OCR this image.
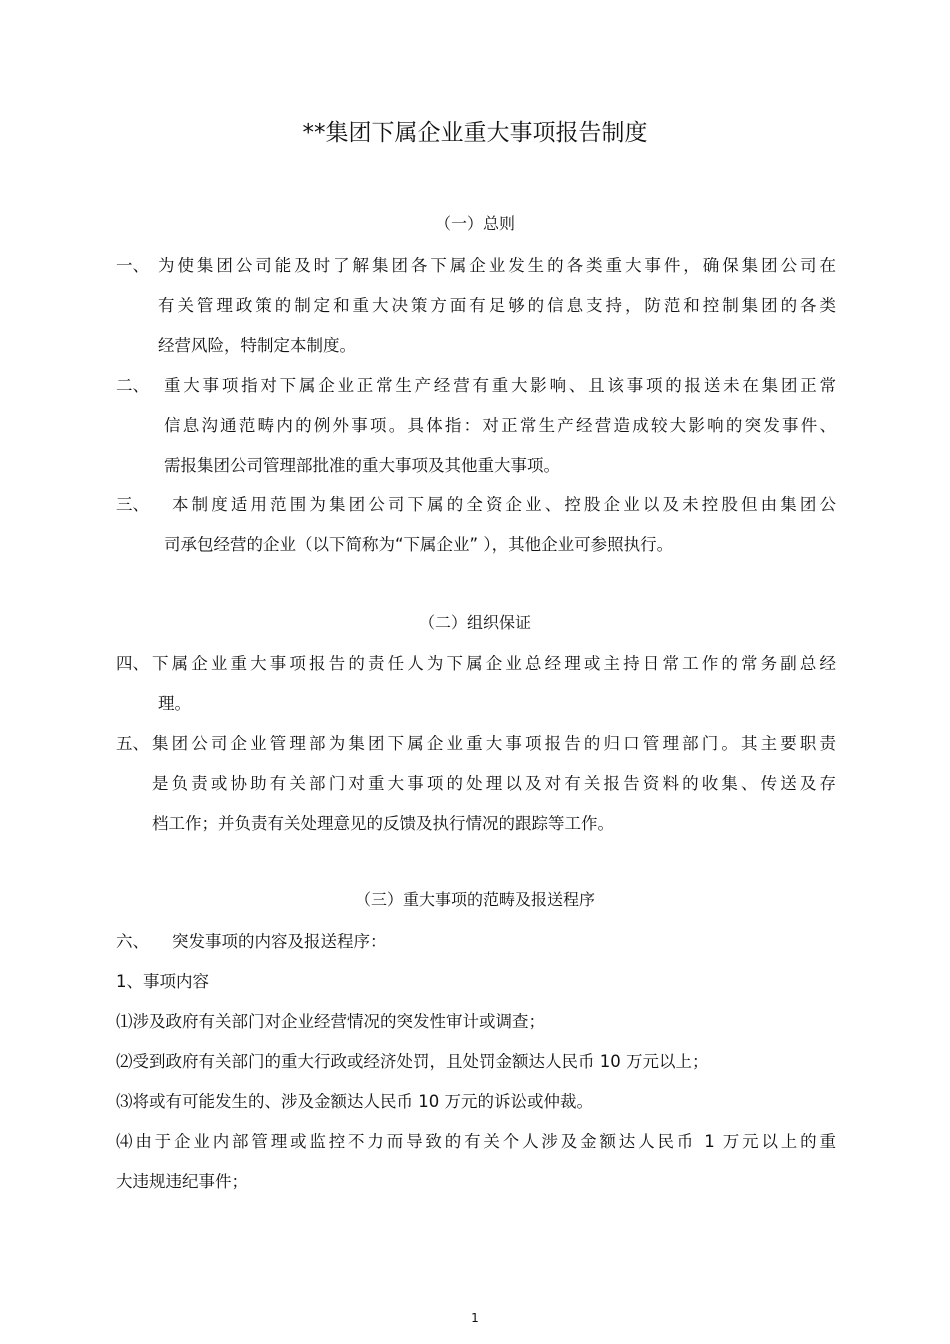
**集团下属企业重大事项报告制度
（一）总则
一、 为使集团公司能及时了解集团各下属企业发生的各类重大事件，确保集团公司在
有关管理政策的制定和重大决策方面有足够的信息支持，防范和控制集团的各类
经营风险，特制定本制度。
二、 重大事项指对下属企业正常生产经营有重大影响、且该事项的报送未在集团正常
信息沟通范畴内的例外事项。具体指：对正常生产经营造成较大影响的突发事件、
需报集团公司管理部批准的重大事项及其他重大事项。
三、 本制度适用范围为集团公司下属的全资企业、控股企业以及未控股但由集团公
司承包经营的企业（以下简称为“下属企业” ），其他企业可参照执行。
（二）组织保证
四、 下属企业重大事项报告的责任人为下属企业总经理或主持日常工作的常务副总经
理。
五、 集团公司企业管理部为集团下属企业重大事项报告的归口管理部门。其主要职责
是负责或协助有关部门对重大事项的处理以及对有关报告资料的收集、传送及存
档工作；并负责有关处理意见的反馈及执行情况的跟踪等工作。
（三）重大事项的范畴及报送程序
六、 突发事项的内容及报送程序：
1、事项内容
⑴涉及政府有关部门对企业经营情况的突发性审计或调查；
⑵受到政府有关部门的重大行政或经济处罚，且处罚金额达人民币 10 万元以上；
⑶将或有可能发生的、涉及金额达人民币 10 万元的诉讼或仲裁。
⑷由于企业内部管理或监控不力而导致的有关个人涉及金额达人民币 1 万元以上的重
大违规违纪事件；
1
